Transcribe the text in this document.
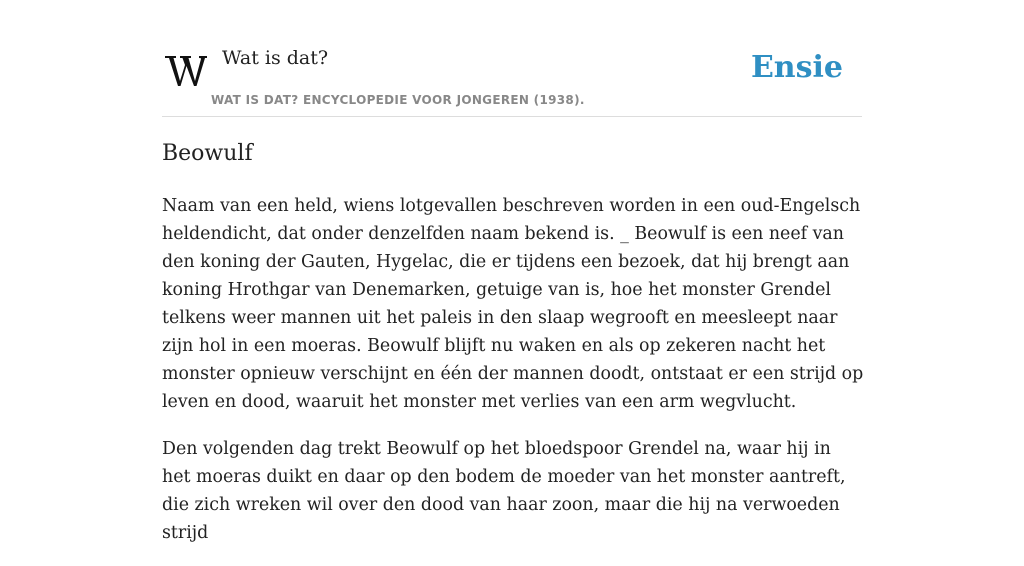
Wat is dat?
WAT IS DAT? ENCYCLOPEDIE VOOR JONGEREN (1938).
Ensie
Beowulf

Naam van een held, wiens lotgevallen beschreven worden in een oud-Engelsch heldendicht, dat onder denzelfden naam bekend is. _ Beowulf is een neef van den koning der Gauten, Hygelac, die er tijdens een bezoek, dat hij brengt aan koning Hrothgar van Denemarken, getuige van is, hoe het monster Grendel telkens weer mannen uit het paleis in den slaap wegrooft en meesleept naar zijn hol in een moeras. Beowulf blijft nu waken en als op zekeren nacht het monster opnieuw verschijnt en één der mannen doodt, ontstaat er een strijd op leven en dood, waaruit het monster met verlies van een arm wegvlucht.

Den volgenden dag trekt Beowulf op het bloedspoor Grendel na, waar hij in het moeras duikt en daar op den bodem de moeder van het monster aantreft, die zich wreken wil over den dood van haar zoon, maar die hij na verwoeden strijd
